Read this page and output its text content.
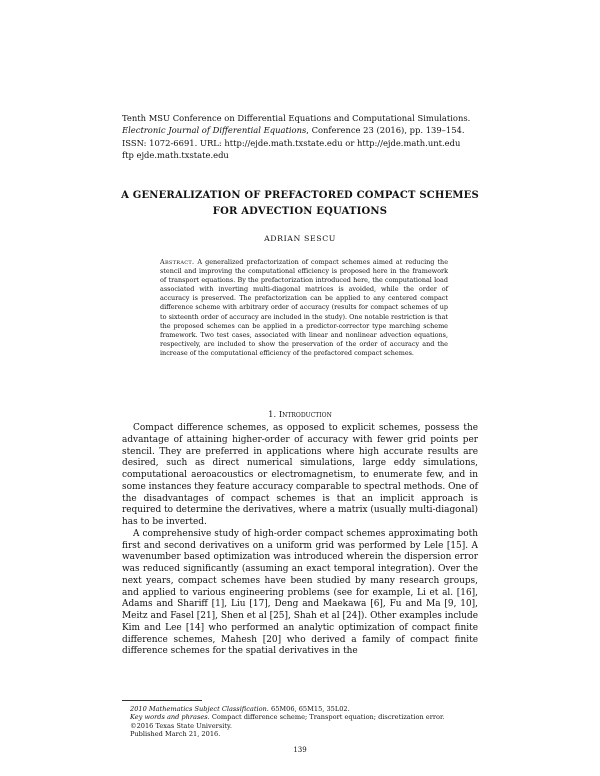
Tenth MSU Conference on Differential Equations and Computational Simulations.
Electronic Journal of Differential Equations, Conference 23 (2016), pp. 139–154.
ISSN: 1072-6691. URL: http://ejde.math.txstate.edu or http://ejde.math.unt.edu
ftp ejde.math.txstate.edu
A GENERALIZATION OF PREFACTORED COMPACT SCHEMES
FOR ADVECTION EQUATIONS
ADRIAN SESCU
Abstract. A generalized prefactorization of compact schemes aimed at reducing the stencil and improving the computational efficiency is proposed here in the framework of transport equations. By the prefactorization introduced here, the computational load associated with inverting multi-diagonal matrices is avoided, while the order of accuracy is preserved. The prefactorization can be applied to any centered compact difference scheme with arbitrary order of accuracy (results for compact schemes of up to sixteenth order of accuracy are included in the study). One notable restriction is that the proposed schemes can be applied in a predictor-corrector type marching scheme framework. Two test cases, associated with linear and nonlinear advection equations, respectively, are included to show the preservation of the order of accuracy and the increase of the computational efficiency of the prefactored compact schemes.
1. Introduction

Compact difference schemes, as opposed to explicit schemes, possess the advantage of attaining higher-order of accuracy with fewer grid points per stencil. They are preferred in applications where high accurate results are desired, such as direct numerical simulations, large eddy simulations, computational aeroacoustics or electromagnetism, to enumerate few, and in some instances they feature accuracy comparable to spectral methods. One of the disadvantages of compact schemes is that an implicit approach is required to determine the derivatives, where a matrix (usually multi-diagonal) has to be inverted.

A comprehensive study of high-order compact schemes approximating both first and second derivatives on a uniform grid was performed by Lele [15]. A wavenumber based optimization was introduced wherein the dispersion error was reduced significantly (assuming an exact temporal integration). Over the next years, compact schemes have been studied by many research groups, and applied to various engineering problems (see for example, Li et al. [16], Adams and Shariff [1], Liu [17], Deng and Maekawa [6], Fu and Ma [9, 10], Meitz and Fasel [21], Shen et al [25], Shah et al [24]). Other examples include Kim and Lee [14] who performed an analytic optimization of compact finite difference schemes, Mahesh [20] who derived a family of compact finite difference schemes for the spatial derivatives in the

2010 Mathematics Subject Classification. 65M06, 65M15, 35L02.
Key words and phrases. Compact difference scheme; Transport equation; discretization error.
©2016 Texas State University.
Published March 21, 2016.
139
